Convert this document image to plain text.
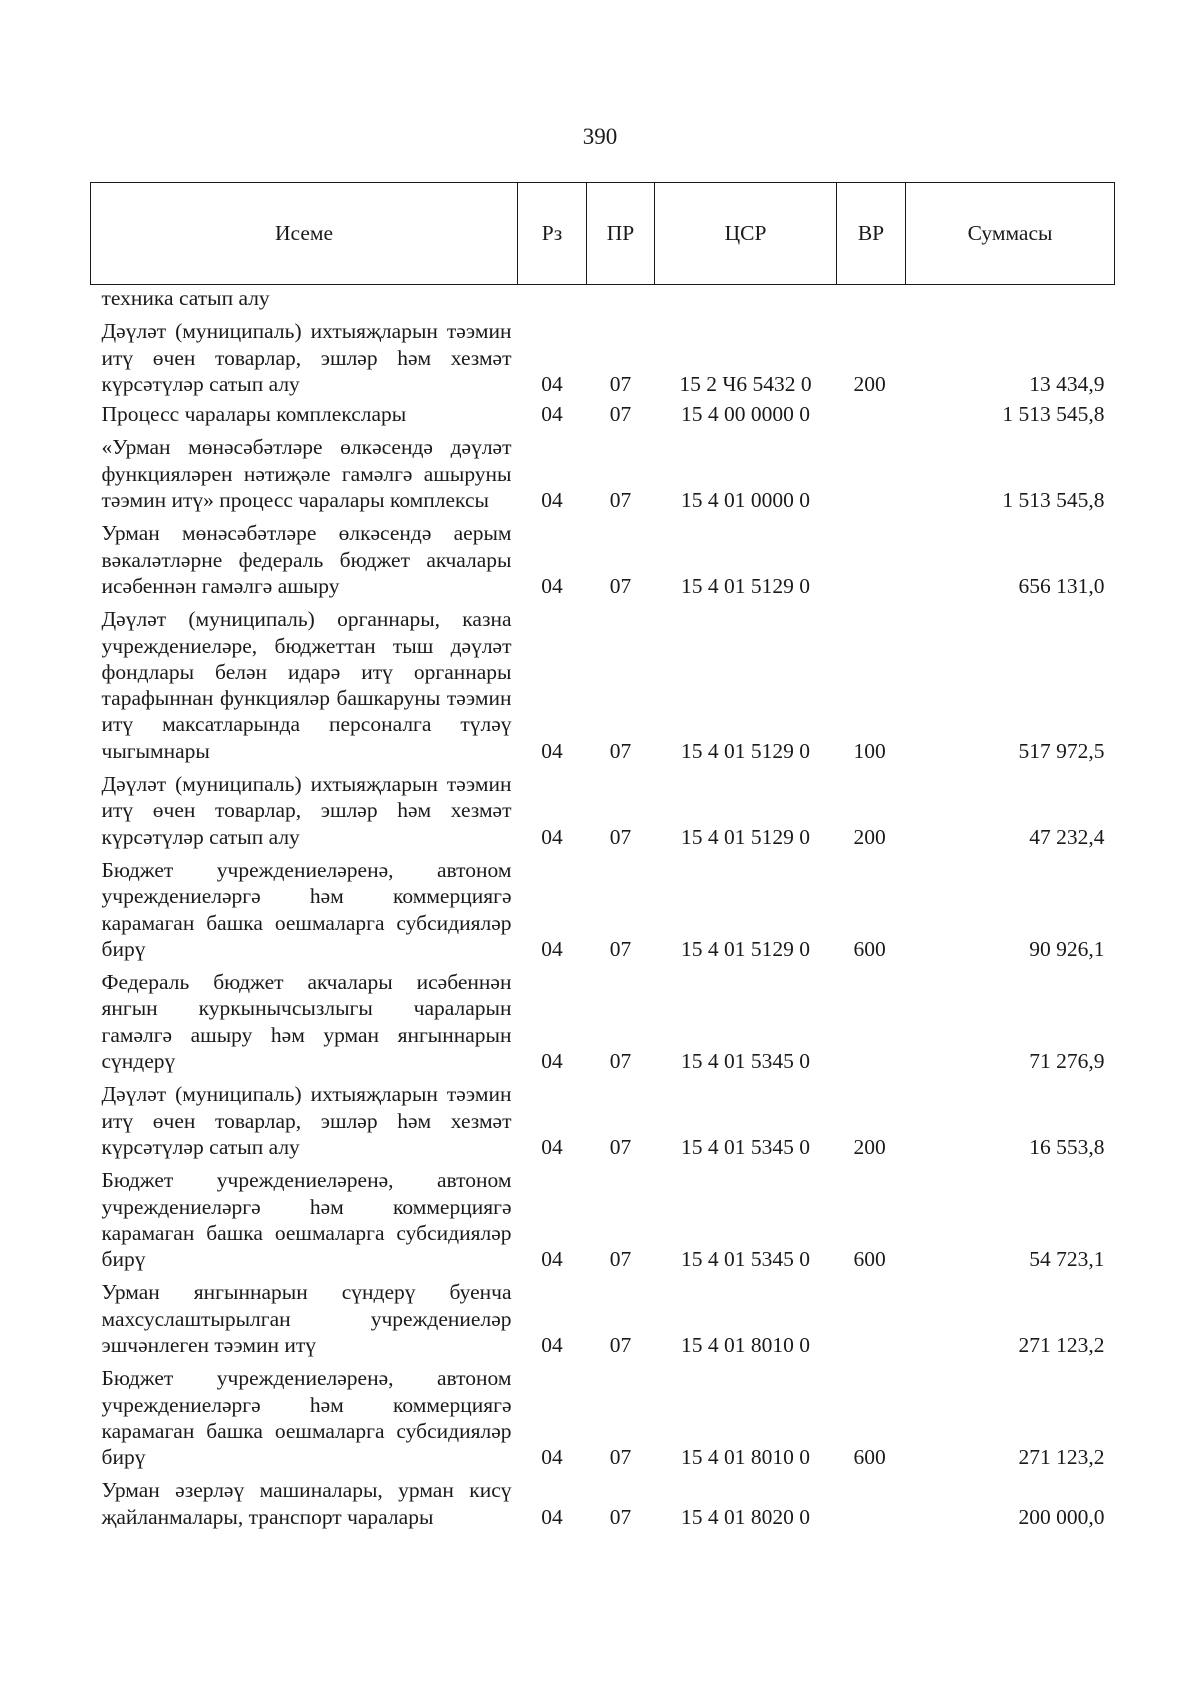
390
Исеме	Рз	ПР	ЦСР	ВР	Суммасы
техника сатып алу					
Дәүләт (муниципаль) ихтыяҗларын тәэмин итү өчен товарлар, эшләр һәм хезмәт күрсәтүләр сатып алу	04	07	15 2 Ч6 5432 0	200	13 434,9
Процесс чаралары комплекслары	04	07	15 4 00 0000 0		1 513 545,8
«Урман мөнәсәбәтләре өлкәсендә дәүләт функцияләрен нәтиҗәле гамәлгә ашыруны тәэмин итү» процесс чаралары комплексы	04	07	15 4 01 0000 0		1 513 545,8
Урман мөнәсәбәтләре өлкәсендә аерым вәкаләтләрне федераль бюджет акчалары исәбеннән гамәлгә ашыру	04	07	15 4 01 5129 0		656 131,0
Дәүләт (муниципаль) органнары, казна учреждениеләре, бюджеттан тыш дәүләт фондлары белән идарә итү органнары тарафыннан функцияләр башкаруны тәэмин итү максатларында персоналга түләү чыгымнары	04	07	15 4 01 5129 0	100	517 972,5
Дәүләт (муниципаль) ихтыяҗларын тәэмин итү өчен товарлар, эшләр һәм хезмәт күрсәтүләр сатып алу	04	07	15 4 01 5129 0	200	47 232,4
Бюджет учреждениеләренә, автоном учреждениеләргә һәм коммерциягә карамаган башка оешмаларга субсидияләр бирү	04	07	15 4 01 5129 0	600	90 926,1
Федераль бюджет акчалары исәбеннән янгын куркынычсызлыгы чараларын гамәлгә ашыру һәм урман янгыннарын сүндерү	04	07	15 4 01 5345 0		71 276,9
Дәүләт (муниципаль) ихтыяҗларын тәэмин итү өчен товарлар, эшләр һәм хезмәт күрсәтүләр сатып алу	04	07	15 4 01 5345 0	200	16 553,8
Бюджет учреждениеләренә, автоном учреждениеләргә һәм коммерциягә карамаган башка оешмаларга субсидияләр бирү	04	07	15 4 01 5345 0	600	54 723,1
Урман янгыннарын сүндерү буенча махсуслаштырылган учреждениеләр эшчәнлеген тәэмин итү	04	07	15 4 01 8010 0		271 123,2
Бюджет учреждениеләренә, автоном учреждениеләргә һәм коммерциягә карамаган башка оешмаларга субсидияләр бирү	04	07	15 4 01 8010 0	600	271 123,2
Урман әзерләү машиналары, урман кисү җайланмалары, транспорт чаралары	04	07	15 4 01 8020 0		200 000,0
